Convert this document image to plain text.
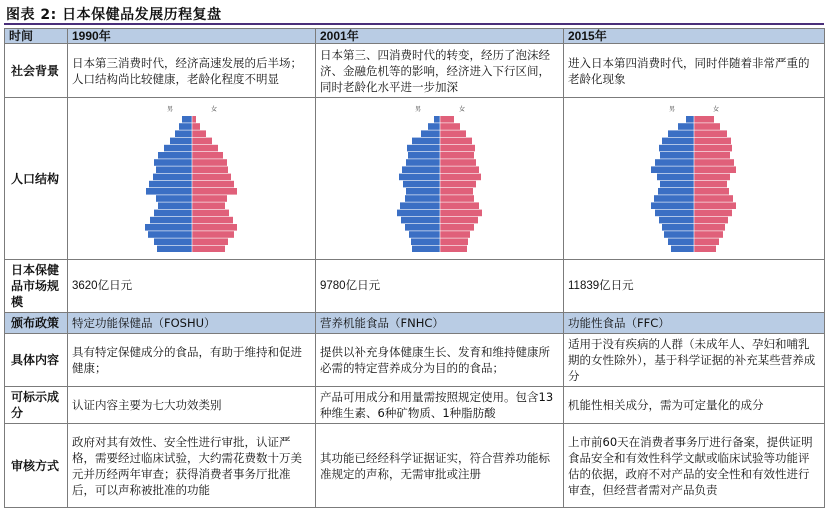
图表 2: 日本保健品发展历程复盘
时间	1990年	2001年	2015年
社会背景	日本第三消费时代，经济高速发展的后半场；人口结构尚比较健康，老龄化程度不明显	日本第三、四消费时代的转变，经历了泡沫经济、金融危机等的影响，经济进入下行区间，同时老龄化水平进一步加深	进入日本第四消费时代，同时伴随着非常严重的老龄化现象
人口结构	男 女	男 女	男 女

日本保健品市场规模	3620亿日元	9780亿日元	11839亿日元
颁布政策	特定功能保健品（FOSHU）	营养机能食品（FNHC）	功能性食品（FFC）
具体内容	具有特定保健成分的食品，有助于维持和促进健康；	提供以补充身体健康生长、发育和维持健康所必需的特定营养成分为目的的食品；	适用于没有疾病的人群（未成年人、孕妇和哺乳期的女性除外），基于科学证据的补充某些营养成分
可标示成分	认证内容主要为七大功效类别	产品可用成分和用量需按照规定使用。包含13种维生素、6种矿物质、1种脂肪酸	机能性相关成分，需为可定量化的成分
审核方式	政府对其有效性、安全性进行审批，认证严格，需要经过临床试验，大约需花费数十万美元并历经两年审查；获得消费者事务厅批准后，可以声称被批准的功能	其功能已经经科学证据证实，符合营养功能标准规定的声称，无需审批或注册	上市前60天在消费者事务厅进行备案，提供证明食品安全和有效性科学文献或临床试验等功能评估的依据，政府不对产品的安全性和有效性进行审查，但经营者需对产品负责
